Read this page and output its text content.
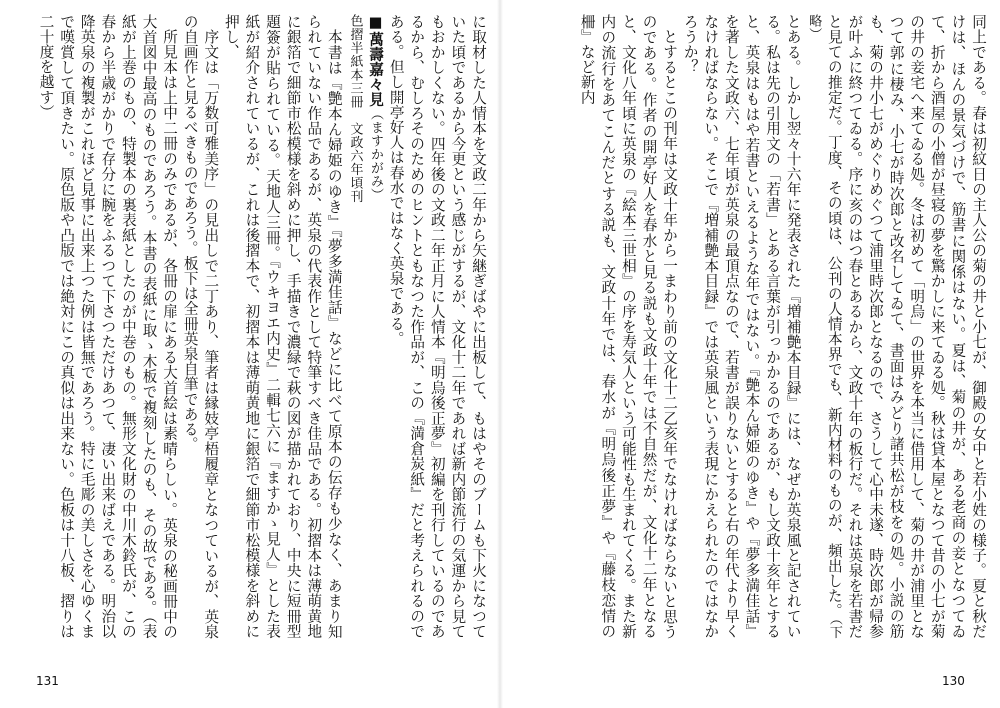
に取材した人情本を文政二年から矢継ぎばやに出板して、もはやそのブームも下火になつていた頃であるから今更という感じがするが、文化十二年であれば新内節流行の気運から見てもおかしくない。四年後の文政二年正月に人情本『明烏後正夢』初編を刊行しているのであるから、むしろそのためのヒントともなつた作品が、この『満倉炭紙』だと考えられるのである。但し開亭好人は春水ではなく英泉である。

■萬壽嘉々見（ますかがみ）

色摺半紙本三冊　文政六年頃刊

本書は『艶本ん婦姫のゆき』『夢多満佳話』などに比べて原本の伝存も少なく、あまり知られていない作品であるが、英泉の代表作として特筆すべき佳品である。初摺本は薄萌黄地に銀箔で細節市松模様を斜めに押し、手描きで濃緑で萩の図が描かれており、中央に短冊型題簽が貼られている。天地人三冊。『ウキヨエ内史』二輯七六に『ますかゝ見人』とした表紙が紹介されているが、これは後摺本で、初摺本は薄萌黄地に銀箔で細節市松模様を斜めに押し、

序文は「万数可雅美序」の見出しで二丁あり、筆者は縁妓亭梧履章となつているが、英泉の自画作と見るべきものであろう。板下は全冊英泉自筆である。

所見本は上中二冊のみであるが、各冊の扉にある大首絵は素晴らしい。英泉の秘画冊中の大首図中最高のものであろう。本書の表紙に取ゝ木板で複刻したのも、その故である。（表紙が上巻のもの、特製本の裏表紙としたのが中巻のもの。無形文化財の中川木鈴氏が、この春から半歳がかりで存分に腕をふるつて下さつただけあつて、凄い出来ばえである。明治以降英泉の複製がこれほど見事に出来上つた例は皆無であろう。特に毛彫の美しさを心ゆくまで嘆賞して頂きたい。原色版や凸版では絶対にこの真似は出来ない。色板は十八板、摺りは二十度を越す）

131

同上である。春は初紋日の主人公の菊の井と小七が、御殿の女中と若小姓の様子。夏と秋だけは、ほんの景気づけで、筋書に関係はない。夏は、菊の井が、ある老商の妾となつてゐて、折から酒屋の小僧が昼寝の夢を驚かしに来てゐる処。秋は貸本屋となつて昔の小七が菊の井の妾宅へ来てゐる処。冬は初めて「明烏」の世界を本当に借用して、菊の井が浦里となつて郭に棲み、小七が時次郎と改名してゐて、書面はみどり諸共松が枝をの処。小説の筋も、菊の井小七がめぐりめぐつて浦里時次郎となるので、さうして心中未遂、時次郎が帰参が叶ふに終つてゐる。序に亥のはつ春とあるから、文政十年の板行だ。それは英泉を若書だと見ての推定だ。丁度、その頃は、公刊の人情本界でも、新内材料のものが、頻出した。（下略）

とある。しかし翌々十六年に発表された『増補艶本目録』には、なぜか英泉風と記されている。私は先の引用文の「若書」とある言葉が引っかかるのであるが、もし文政十亥年とすると、英泉はもはや若書といえるような年ではない。『艶本ん婦姫のゆき』や『夢多満佳話』を著した文政六、七年頃が英泉の最頂点なので、若書が誤りないとすると右の年代より早くなければならない。そこで『増補艶本目録』では英泉風という表現にかえられたのではなかろうか？

とするとこの刊年は文政十年から一まわり前の文化十二乙亥年でなければならないと思うのである。作者の開亭好人を春水と見る説も文政十年では不自然だが、文化十二年となると、文化八年頃に英泉の『絵本三世相』の序を寿気人という可能性も生まれてくる。また新内の流行をあてこんだとする説も、文政十年では、春水が『明烏後正夢』や『藤枝恋情の柵』など新内

130
